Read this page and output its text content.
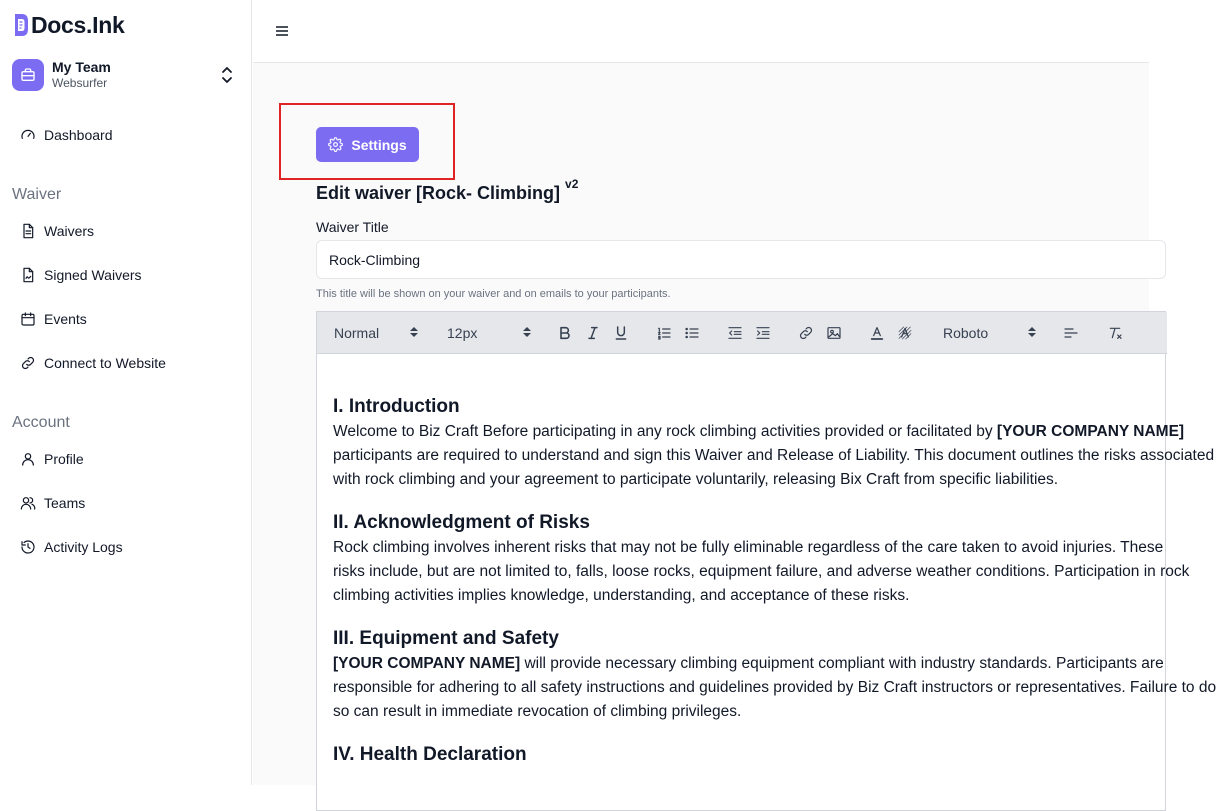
Docs.Ink
My Team
Websurfer
Dashboard
Waiver
Waivers
Signed Waivers
Events
Connect to Website
Account
Profile
Teams
Activity Logs
Settings
Edit waiver [Rock- Climbing] $^{v2}$
Waiver Title
Rock-Climbing
This title will be shown on your waiver and on emails to your participants.
Normal	12px	Roboto
I. Introduction

Welcome to Biz Craft Before participating in any rock climbing activities provided or facilitated by [YOUR COMPANY NAME]
participants are required to understand and sign this Waiver and Release of Liability. This document outlines the risks associated
with rock climbing and your agreement to participate voluntarily, releasing Bix Craft from specific liabilities.

II. Acknowledgment of Risks

Rock climbing involves inherent risks that may not be fully eliminable regardless of the care taken to avoid injuries. These
risks include, but are not limited to, falls, loose rocks, equipment failure, and adverse weather conditions. Participation in rock
climbing activities implies knowledge, understanding, and acceptance of these risks.

III. Equipment and Safety

[YOUR COMPANY NAME] will provide necessary climbing equipment compliant with industry standards. Participants are
responsible for adhering to all safety instructions and guidelines provided by Biz Craft instructors or representatives. Failure to do
so can result in immediate revocation of climbing privileges.

IV. Health Declaration
